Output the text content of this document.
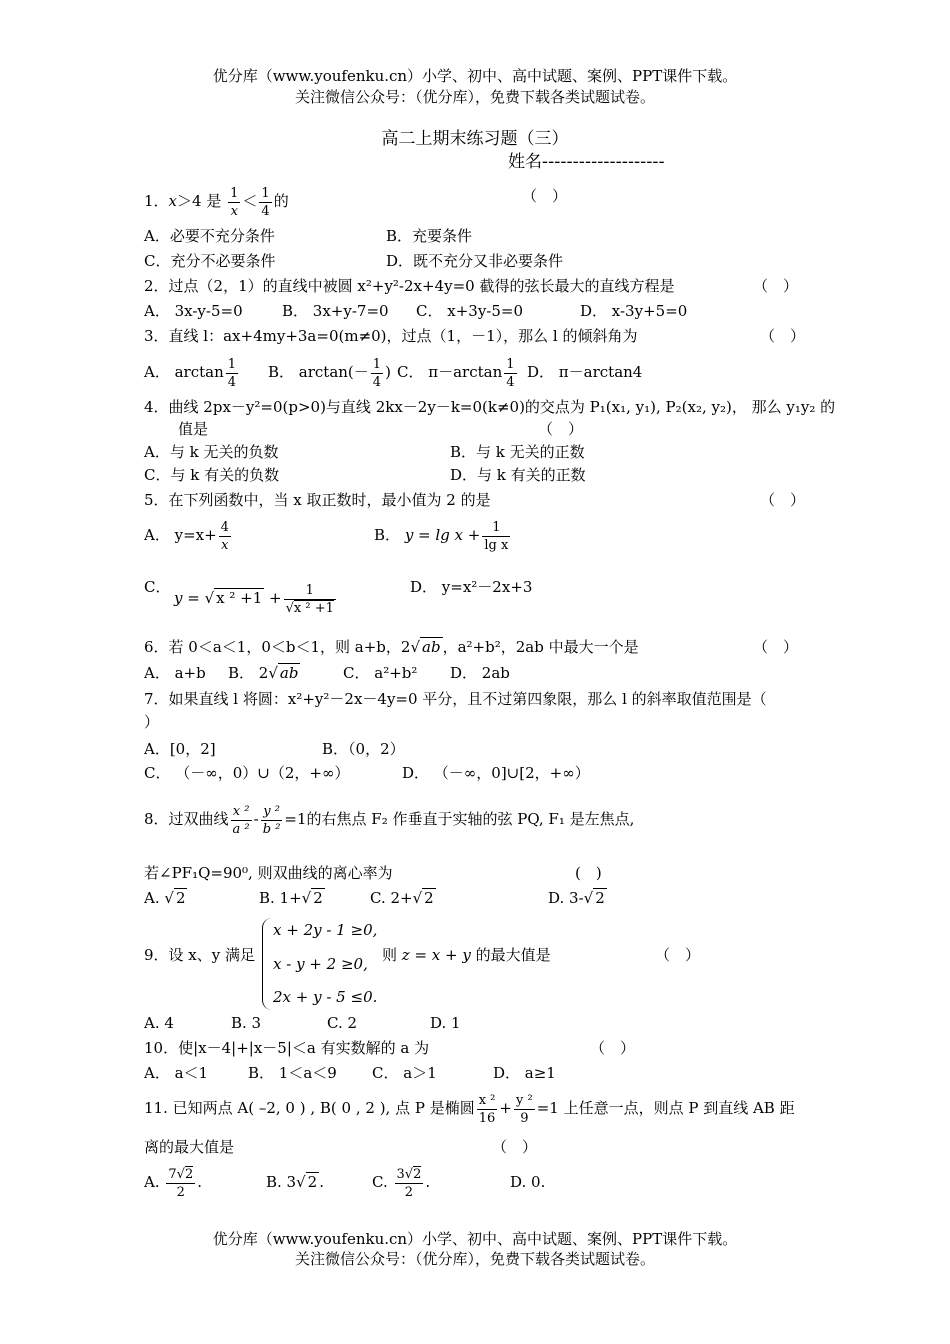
优分库（www.youfenku.cn）小学、初中、高中试题、案例、PPT课件下载。
关注微信公众号：（优分库），免费下载各类试题试卷。
高二上期末练习题（三）
姓名--------------------
1．x＞4 是 $\frac{1}{x} < \frac{1}{4}$ 的	（　）
A．必要不充分条件	B．充要条件
C．充分不必要条件	D．既不充分又非必要条件
2．过点（2，1）的直线中被圆 x²+y²-2x+4y=0 截得的弦长最大的直线方程是	（　）
A． 3x-y-5=0	B． 3x+y-7=0 C． x+3y-5=0	D． x-3y+5=0
3．直线 l：ax+4my+3a=0(m≠0)，过点（1，－1），那么 l 的倾斜角为	（　）
A． $\arctan \frac{1}{4}$ B． $\arctan(- \frac{1}{4}$ ) C． $\pi-\arctan \frac{1}{4}$ D． π－arctan4
4．曲线 2px－y²=0(p>0)与直线 2kx－2y－k=0(k≠0)的交点为 P₁(x₁, y₁), P₂(x₂, y₂)， 那么 y₁y₂ 的
值是	（　）
A．与 k 无关的负数	B．与 k 无关的正数
C．与 k 有关的负数	D．与 k 有关的正数
5．在下列函数中，当 x 取正数时，最小值为 2 的是	（　）
A． $y=x+ \frac{4}{x}$	B． $y = \lg x + \frac{1}{\text{lg x}}$
C．
y = √ x $^2 +1 + \frac{1}{\text{√x ² +1}}$	D． y=x²－2x+3
6．若 0＜a＜1，0＜b＜1，则 a+b，2√ ab ，a²+b²，2ab 中最大一个是	（　）
A． a+b B． 2√ ab	C． a²+b² D． 2ab
7．如果直线 l 将圆：x²+y²－2x－4y=0 平分，且不过第四象限，那么 l 的斜率取值范围是（
）
A．[0，2]	B．（0，2）
C． （－∞，0）∪（2，+∞）	D． （－∞，0]∪[2，+∞）
8．过双曲线 $\frac{\text{x ²}}{\text{a ²}} - \frac{\text{y ²}}{\text{b ²}} =1$的右焦点 F₂ 作垂直于实轴的弦 PQ, F₁ 是左焦点,
若∠PF₁Q=90⁰, 则双曲线的离心率为	(　)
A. √ 2	B. 1+√ 2	C. 2+√ 2	D. 3-√ 2
9．设 x、y 满足
x + 2y - 1 ≥0,
x - y + 2 ≥0,
2x + y - 5 ≤0.
则 z = x + y 的最大值是	（　）
A. 4	B. 3	C. 2	D. 1
10．使|x－4|+|x－5|＜a 有实数解的 a 为	（　）
A． a＜1	B． 1＜a＜9 C． a＞1	D． a≥1
11. 已知两点 A( –2, 0 ) , B( 0 , 2 ), 点 P 是椭圆 $\frac{\text{x ²}}{16} + \frac{\text{y ²}}{9} =1$ 上任意一点，则点 P 到直线 AB 距
离的最大值是	（　）
A. $\frac{7√2}{2}$ .	B. 3√ 2 .	C. $\frac{3√2}{2}$ .	D. 0.
优分库（www.youfenku.cn）小学、初中、高中试题、案例、PPT课件下载。
关注微信公众号：（优分库），免费下载各类试题试卷。
